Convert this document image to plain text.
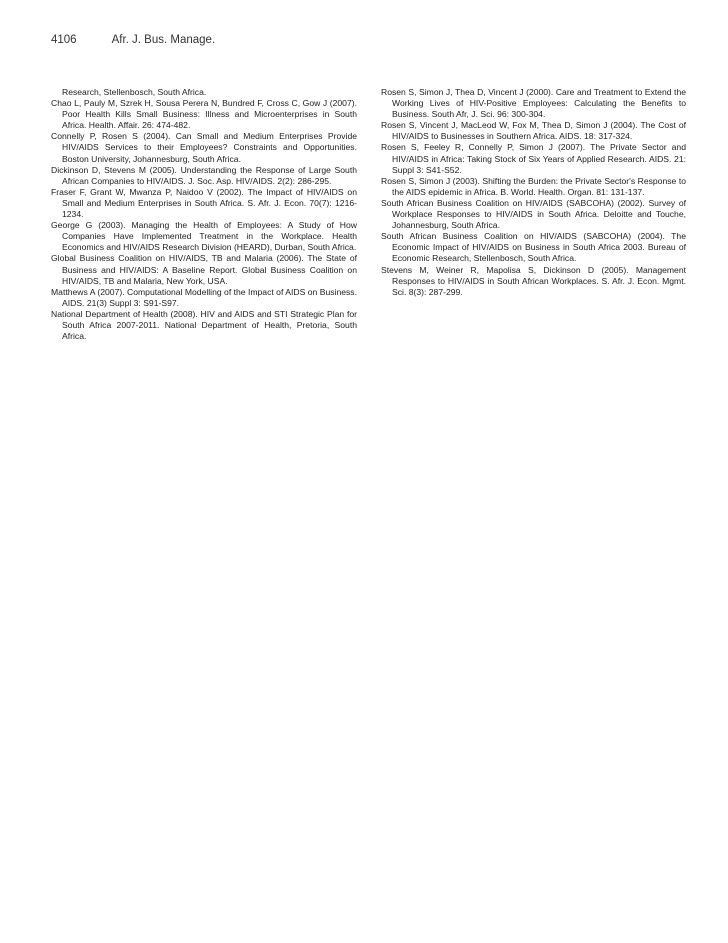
4106	Afr. J. Bus. Manage.

Research, Stellenbosch, South Africa.

Chao L, Pauly M, Szrek H, Sousa Perera N, Bundred F, Cross C, Gow J (2007). Poor Health Kills Small Business: Illness and Microenterprises in South Africa. Health. Affair. 26: 474-482.

Connelly P, Rosen S (2004). Can Small and Medium Enterprises Provide HIV/AIDS Services to their Employees? Constraints and Opportunities. Boston University, Johannesburg, South Africa.

Dickinson D, Stevens M (2005). Understanding the Response of Large South African Companies to HIV/AIDS. J. Soc. Asp. HIV/AIDS. 2(2): 286-295.

Fraser F, Grant W, Mwanza P, Naidoo V (2002). The Impact of HIV/AIDS on Small and Medium Enterprises in South Africa. S. Afr. J. Econ. 70(7): 1216-1234.

George G (2003). Managing the Health of Employees: A Study of How Companies Have Implemented Treatment in the Workplace. Health Economics and HIV/AIDS Research Division (HEARD), Durban, South Africa.

Global Business Coalition on HIV/AIDS, TB and Malaria (2006). The State of Business and HIV/AIDS: A Baseline Report. Global Business Coalition on HIV/AIDS, TB and Malaria, New York, USA.

Matthews A (2007). Computational Modelling of the Impact of AIDS on Business. AIDS. 21(3) Suppl 3: S91-S97.

National Department of Health (2008). HIV and AIDS and STI Strategic Plan for South Africa 2007-2011. National Department of Health, Pretoria, South Africa.

Rosen S, Simon J, Thea D, Vincent J (2000). Care and Treatment to Extend the Working Lives of HIV-Positive Employees: Calculating the Benefits to Business. South Afr, J. Sci. 96: 300-304.

Rosen S, Vincent J, MacLeod W, Fox M, Thea D, Simon J (2004). The Cost of HIV/AIDS to Businesses in Southern Africa. AIDS. 18: 317-324.

Rosen S, Feeley R, Connelly P, Simon J (2007). The Private Sector and HIV/AIDS in Africa: Taking Stock of Six Years of Applied Research. AIDS. 21: Suppl 3: S41-S52.

Rosen S, Simon J (2003). Shifting the Burden: the Private Sector's Response to the AIDS epidemic in Africa. B. World. Health. Organ. 81: 131-137.

South African Business Coalition on HIV/AIDS (SABCOHA) (2002). Survey of Workplace Responses to HIV/AIDS in South Africa. Deloitte and Touche, Johannesburg, South Africa.

South African Business Coalition on HIV/AIDS (SABCOHA) (2004). The Economic Impact of HIV/AIDS on Business in South Africa 2003. Bureau of Economic Research, Stellenbosch, South Africa.

Stevens M, Weiner R, Mapolisa S, Dickinson D (2005). Management Responses to HIV/AIDS in South African Workplaces. S. Afr. J. Econ. Mgmt. Sci. 8(3): 287-299.
